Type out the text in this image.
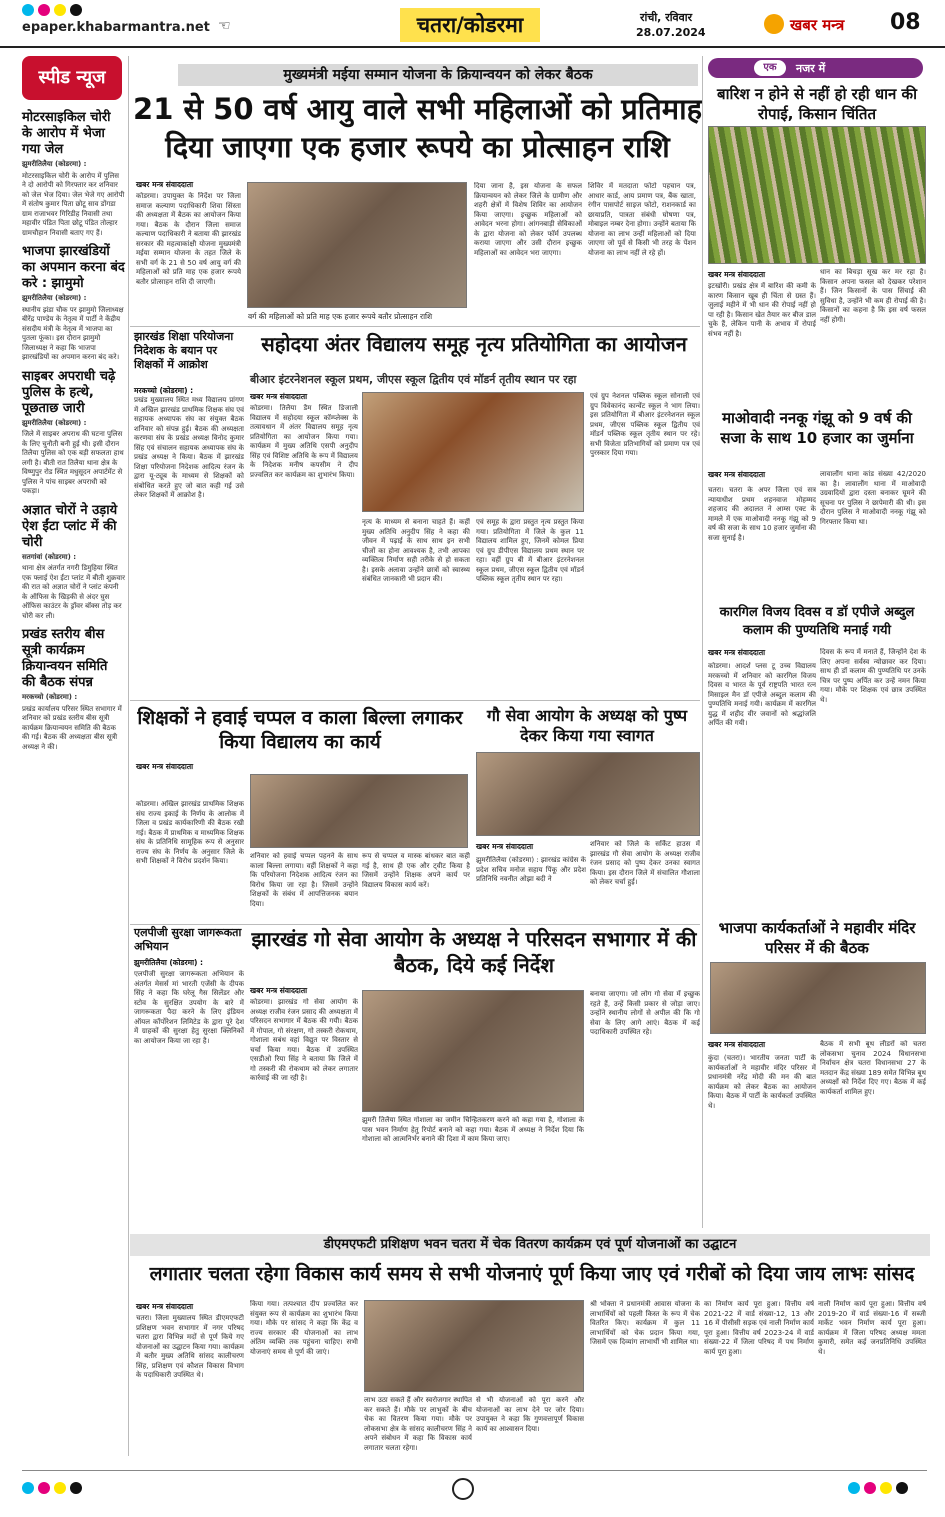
epaper.khabarmantra.net ☜	चतरा/कोडरमा	रांची, रविवार
28.07.2024	खबर मन्त्र 08
स्पीड न्यूज
मोटरसाइकिल चोरी के आरोप में भेजा गया जेल
झुमरीतिलैया (कोडरमा) :
मोटरसाइकिल चोरी के आरोप में पुलिस ने दो आरोपी को गिरफ्तार कर शनिवार को जेल भेज दिया। जेल भेजे गए आरोपी में संतोष कुमार पिता छोटू साव डोंगडा ग्राम राजाभवर गिरिडीह निवासी तथा महावीर पंडित पिता छोटू पंडित तोल्हार ग्रामचौहान निवासी बताए गए हैं।
भाजपा झारखंडियों का अपमान करना बंद करे : झामुमो
झुमरीतिलैया (कोडरमा) :
स्थानीय झंडा चौक पर झामुमो जिलाध्यक्ष बीरेंद्र पाण्डेय के नेतृत्व में पार्टी ने केंद्रीय संसदीय मंत्री के नेतृत्व में भाजपा का पुतला फूंका। इस दौरान झामुमो जिलाध्यक्ष ने कहा कि भाजपा झारखंडियों का अपमान करना बंद करे।
साइबर अपराधी चढ़े पुलिस के हत्थे, पूछताछ जारी
झुमरीतिलैया (कोडरमा) :
जिले में साइबर अपराध की घटना पुलिस के लिए चुनौती बनी हुई थी। इसी दौरान तिलैया पुलिस को एक बड़ी सफलता हाथ लगी है। बीती रात तिलैया थाना क्षेत्र के विष्णुपुर रोड स्थित मधुसूदन अपार्टमेंट से पुलिस ने पांच साइबर अपराधी को पकड़ा।
अज्ञात चोरों ने उड़ाये ऐश ईंटा प्लांट में की चोरी
सतगांवां (कोडरमा) :
थाना क्षेत्र अंतर्गत नगरी डिमुहिया स्थित एक फ्लाई ऐश ईंटा प्लांट में बीती शुक्रवार की रात को अज्ञात चोरों ने प्लांट कंपनी के ऑफिस के खिड़की से अंदर घुस ऑफिस काउंटर के ड्रॉवर बॉक्स तोड़ कर चोरी कर ली।
प्रखंड स्तरीय बीस सूत्री कार्यक्रम क्रियान्वयन समिति की बैठक संपन्न
मरकच्चो (कोडरमा) :
प्रखंड कार्यालय परिसर स्थित सभागार में शनिवार को प्रखंड स्तरीय बीस सूत्री कार्यक्रम क्रियान्वयन समिति की बैठक की गई। बैठक की अध्यक्षता बीस सूत्री अध्यक्ष ने की।
मुख्यमंत्री मईया सम्मान योजना के क्रियान्वयन को लेकर बैठक
21 से 50 वर्ष आयु वाले सभी महिलाओं को प्रतिमाह दिया जाएगा एक हजार रूपये का प्रोत्साहन राशि
खबर मन्त्र संवाददाता
कोडरमा। उपायुक्त के निर्देश पर जिला समाज कल्याण पदाधिकारी शिवा सिंस्ता की अध्यक्षता में बैठक का आयोजन किया गया। बैठक के दौरान जिला समाज कल्याण पदाधिकारी ने बताया की झारखंड सरकार की महत्वाकांक्षी योजना मुख्यमंत्री मईया सम्मान योजना के तहत जिले के सभी वर्ग के 21 से 50 वर्ष आयु वर्ग की महिलाओं को प्रति माह एक हजार रूपये बतौर प्रोत्साहन राशि दी जाएगी।
वर्ग की महिलाओं को प्रति माह एक हजार रूपये बतौर प्रोत्साहन राशि
दिया जाना है, इस योजना के सफल क्रियान्वयन को लेकर जिले के ग्रामीण और शहरी क्षेत्रों में विशेष शिविर का आयोजन किया जाएगा। इच्छुक महिलाओं को आवेदन भरना होगा। आंगनबाड़ी सेविकाओं के द्वारा योजना को लेकर फॉर्म उपलब्ध कराया जाएगा और उसी दौरान इच्छुक महिलाओं का आवेदन भरा जाएगा।
शिविर में मतदाता फोटो पहचान पत्र, आधार कार्ड, आय प्रमाण पत्र, बैंक खाता, रंगीन पासपोर्ट साइज फोटो, राशनकार्ड का छायाप्रति, पात्रता संबंधी घोषणा पत्र, मोबाइल नम्बर देना होगा। उन्होंने बताया कि योजना का लाभ उन्हीं महिलाओं को दिया जाएगा जो पूर्व से किसी भी तरह के पेंशन योजना का लाभ नहीं ले रहे हों।
झारखंड शिक्षा परियोजना निदेशक के बयान पर शिक्षकों में आक्रोश
मरकच्चो (कोडरमा) :
प्रखंड मुख्यालय स्थित मध्य विद्यालय प्रांगण में अखिल झारखंड प्राथमिक शिक्षक संघ एवं सहायक अध्यापक संघ का संयुक्त बैठक शनिवार को संपन्न हुई। बैठक की अध्यक्षता करणवा संघ के प्रखंड अध्यक्ष विनोद कुमार सिंह एवं संचालन सहायक अध्यापक संघ के प्रखंड अध्यक्ष ने किया। बैठक में झारखंड शिक्षा परियोजना निदेशक आदित्य रंजन के द्वारा यू-ट्यूब के माध्यम से शिक्षकों को संबोधित करते हुए जो बात कही गई उसे लेकर शिक्षकों में आक्रोश है।
सहोदया अंतर विद्यालय समूह नृत्य प्रतियोगिता का आयोजन
बीआर इंटरनेशनल स्कूल प्रथम, जीएस स्कूल द्वितीय एवं मॉडर्न तृतीय स्थान पर रहा
खबर मन्त्र संवाददाता
कोडरमा। तिलैया डैम स्थित डिजाली विद्यालय में सहोदया स्कूल कॉम्प्लेक्स के तत्वावधान में अंतर विद्यालय समूह नृत्य प्रतियोगिता का आयोजन किया गया। कार्यक्रम में मुख्य अतिथि एसपी अनुदीप सिंह एवं विशिष्ट अतिथि के रूप में विद्यालय के निदेशक मनीष कपसीम ने दीप प्रज्वलित कर कार्यक्रम का शुभारंभ किया।
नृत्य के माध्यम से बनाना चाहते हैं। कहीं मुख्य अतिथि अनुदीप सिंह ने कहा की जीवन में पढ़ाई के साथ साथ इन सभी चीजों का होना आवश्यक है, तभी आपका व्यक्तित्व निर्माण सही तरीके से हो सकता है। इसके अलावा उन्होंने छात्रों को स्वास्थ्य संबंधित जानकारी भी प्रदान की।
एवं समूह के द्वारा प्रस्तुत नृत्य प्रस्तुत किया गया। प्रतियोगिता में जिले के कुल 11 विद्यालय शामिल हुए, जिनमें कोमल प्रिया एवं ग्रुप डीपीएस विद्यालय प्रथम स्थान पर रहा। वहीं ग्रुप बी में बीआर इंटरनेशनल स्कूल प्रथम, जीएस स्कूल द्वितीय एवं मॉडर्न पब्लिक स्कूल तृतीय स्थान पर रहा।
एवं ग्रुप नेशनल पब्लिक स्कूल सोनाली एवं ग्रुप विवेकानंद कान्वेंट स्कूल ने भाग लिया। इस प्रतियोगिता में बीआर इंटरनेशनल स्कूल प्रथम, जीएस पब्लिक स्कूल द्वितीय एवं मॉडर्न पब्लिक स्कूल तृतीय स्थान पर रहे। सभी विजेता प्रतिभागियों को प्रमाण पत्र एवं पुरस्कार दिया गया।
शिक्षकों ने हवाई चप्पल व काला बिल्ला लगाकर किया विद्यालय का कार्य
खबर मन्त्र संवाददाता
कोडरमा। अखिल झारखंड प्राथमिक शिक्षक संघ राज्य इकाई के निर्णय के आलोक में जिला व प्रखंड कार्यकारिणी की बैठक रखी गई। बैठक में प्राथमिक व माध्यमिक शिक्षक संघ के प्रतिनिधि सामूहिक रूप से अनुसार राज्य संघ के निर्णय के अनुसार जिले के सभी शिक्षकों ने विरोध प्रदर्शन किया।
शनिवार को हवाई चप्पल पहनने के साथ काला बिल्ला लगाया। वहीं शिक्षकों ने कहा कि परियोजना निदेशक आदित्य रंजन का विरोध किया जा रहा है। जिसमें उन्होंने शिक्षकों के संबंध में आपत्तिजनक बयान दिया।
रूप से चप्पल व मास्क बांधकर बात कही गई है, साथ ही एक और ट्वीट किया है जिसमें उन्होंने शिक्षक अपने कार्य पर विद्यालय विकास कार्य करें।
गौ सेवा आयोग के अध्यक्ष को पुष्प देकर किया गया स्वागत
खबर मन्त्र संवाददाता
झुमरीतिलैया (कोडरमा) : झारखंड कांग्रेस के प्रदेश सचिव मनोज सहाय पिंकू और प्रदेश प्रतिनिधि नवनीत ओझा बदी ने
शनिवार को जिले के सर्किट हाउस में झारखंड गौ सेवा आयोग के अध्यक्ष राजीव रंजन प्रसाद को पुष्प देकर उनका स्वागत किया। इस दौरान जिले में संचालित गौशाला को लेकर चर्चा हुई।
एलपीजी सुरक्षा जागरूकता अभियान
झुमरीतिलैया (कोडरमा) :
एलपीजी सुरक्षा जागरूकता अभियान के अंतर्गत मेसर्स मां भारती एजेंसी के दीपक सिंह ने कहा कि घरेलू गैस सिलेंडर और स्टोव के सुरक्षित उपयोग के बारे में जागरूकता पैदा करने के लिए इंडियन ऑयल कॉर्पोरेशन लिमिटेड के द्वारा पूरे देश में ग्राहकों की सुरक्षा हेतु सुरक्षा क्लिनिकों का आयोजन किया जा रहा है।
झारखंड गो सेवा आयोग के अध्यक्ष ने परिसदन सभागार में की बैठक, दिये कई निर्देश
खबर मन्त्र संवाददाता
कोडरमा। झारखंड गो सेवा आयोग के अध्यक्ष राजीव रंजन प्रसाद की अध्यक्षता में परिसदन सभागार में बैठक की गयी। बैठक में गोपाल, गो संरक्षण, गो तस्करी रोकथाम, गोशाला सबंध वहां विद्युत पर विस्तार से चर्चा किया गया। बैठक में उपस्थित एसडीओ रिया सिंह ने बताया कि जिले में गो तस्करी की रोकथाम को लेकर लगातार कार्रवाई की जा रही है।
झुमरी तिलैया स्थित गोशाला का जमीन चिन्हितकरण करने को कहा गया है, गोशाला के पास भवन निर्माण हेतु रिपोर्ट बनाने को कहा गया। बैठक में अध्यक्ष ने निर्देश दिया कि गोशाला को आत्मनिर्भर बनाने की दिशा में काम किया जाए।
बनाया जाएगा। जो लोग गो सेवा में इच्छुक रहते हैं, उन्हें किसी प्रकार से जोड़ा जाए। उन्होंने स्थानीय लोगों से अपील की कि गो सेवा के लिए आगे आएं। बैठक में कई पदाधिकारी उपस्थित रहे।
डीएमएफटी प्रशिक्षण भवन चतरा में चेक वितरण कार्यक्रम एवं पूर्ण योजनाओं का उद्घाटन
लगातार चलता रहेगा विकास कार्य समय से सभी योजनाएं पूर्ण किया जाए एवं गरीबों को दिया जाय लाभः सांसद
खबर मन्त्र संवाददाता
चतरा। जिला मुख्यालय स्थित डीएमएफटी प्रशिक्षण भवन सभागार में नगर परिषद चतरा द्वारा विभिन्न मदों से पूर्ण किये गए योजनाओं का उद्घाटन किया गया। कार्यक्रम में बतौर मुख्य अतिथि सांसद कालीचरण सिंह, प्रशिक्षण एवं कौशल विकास विभाग के पदाधिकारी उपस्थित थे।
किया गया। तत्पश्चात दीप प्रज्वलित कर संयुक्त रूप से कार्यक्रम का शुभारंभ किया गया। मौके पर सांसद ने कहा कि केंद्र व राज्य सरकार की योजनाओं का लाभ अंतिम व्यक्ति तक पहुंचना चाहिए। सभी योजनाएं समय से पूर्ण की जाएं।
लाभ उठा सकते हैं और स्वरोजगार स्थापित कर सकते हैं। मौके पर लाभुकों के बीच चेक का वितरण किया गया। मौके पर लोकसभा क्षेत्र के सांसद कालीचरण सिंह ने अपने संबोधन में कहा कि विकास कार्य लगातार चलता रहेगा।
से भी योजनाओं को पूरा करने और योजनाओं का लाभ देने पर जोर दिया। उपायुक्त ने कहा कि गुणवत्तापूर्ण विकास कार्य का आश्वासन दिया।
श्री भोक्ता ने प्रधानमंत्री आवास योजना के लाभार्थियों को पहली किस्त के रूप में चेक वितरित किए। कार्यक्रम में कुल 11 लाभार्थियों को चेक प्रदान किया गया, जिसमें एक दिव्यांग लाभार्थी भी शामिल था।
का निर्माण कार्य पूरा हुआ। वित्तीय वर्ष 2021-22 में वार्ड संख्या-12, 13 और 16 में पीसीसी सड़क एवं नाली निर्माण कार्य पूरा हुआ। वित्तीय वर्ष 2023-24 में वार्ड संख्या-22 में जिला परिषद में पथ निर्माण कार्य पूरा हुआ।
नाली निर्माण कार्य पूरा हुआ। वित्तीय वर्ष 2019-20 में वार्ड संख्या-16 में सब्जी मार्केट भवन निर्माण कार्य पूरा हुआ। कार्यक्रम में जिला परिषद अध्यक्ष ममता कुमारी, समेत कई जनप्रतिनिधि उपस्थित थे।
एक	नजर में
बारिश न होने से नहीं हो रही धान की रोपाई, किसान चिंतित
खबर मन्त्र संवाददाता
इटखोरी। प्रखंड क्षेत्र में बारिश की कमी के कारण किसान खूब ही चिंता से ग्रस्त हैं। जुलाई महीने में भी धान की रोपाई नहीं हो पा रही है। किसान खेत तैयार कर बीज डाल चुके हैं, लेकिन पानी के अभाव में रोपाई संभव नहीं है।
धान का बिचड़ा सूख कर मर रहा है। किसान अपना फसल को देखकर परेशान हैं। जिन किसानों के पास सिंचाई की सुविधा है, उन्होंने भी कम ही रोपाई की है। किसानों का कहना है कि इस वर्ष फसल नहीं होगी।
माओवादी ननकू गंझू को 9 वर्ष की सजा के साथ 10 हजार का जुर्माना
खबर मन्त्र संवाददाता
चतरा। चतरा के अपर जिला एवं सत्र न्यायाधीश प्रथम शहनवाज मोहम्मद शहजाद की अदालत ने आम्स एक्ट के मामले में एक माओवादी ननकू गंझू को 9 वर्ष की सजा के साथ 10 हजार जुर्माना की सजा सुनाई है।
लावालौंग थाना कांड संख्या 42/2020 का है। लावालौंग थाना में माओवादी उग्रवादियों द्वारा दस्ता बनाकर घूमने की सूचना पर पुलिस ने छापेमारी की थी। इस दौरान पुलिस ने माओवादी ननकू गंझू को गिरफ्तार किया था।
कारगिल विजय दिवस व डॉ एपीजे अब्दुल कलाम की पुण्यतिथि मनाई गयी
खबर मन्त्र संवाददाता
कोडरमा। आदर्श प्लस टू उच्च विद्यालय मरकच्चो में शनिवार को कारगिल विजय दिवस व भारत के पूर्व राष्ट्रपति भारत रत्न मिसाइल मैन डॉ एपीजे अब्दुल कलाम की पुण्यतिथि मनाई गयी। कार्यक्रम में कारगिल युद्ध में शहीद वीर जवानों को श्रद्धांजलि अर्पित की गयी।
दिवस के रूप में मनाते हैं, जिन्होंने देश के लिए अपना सर्वस्व न्योछावर कर दिया। साथ ही डॉ कलाम की पुण्यतिथि पर उनके चित्र पर पुष्प अर्पित कर उन्हें नमन किया गया। मौके पर शिक्षक एवं छात्र उपस्थित थे।
भाजपा कार्यकर्ताओं ने महावीर मंदिर परिसर में की बैठक
खबर मन्त्र संवाददाता
कुंदा (चतरा)। भारतीय जनता पार्टी के कार्यकर्ताओं ने महावीर मंदिर परिसर में प्रधानमंत्री नरेंद्र मोदी की मन की बात कार्यक्रम को लेकर बैठक का आयोजन किया। बैठक में पार्टी के कार्यकर्ता उपस्थित थे।
बैठक में सभी बूथ लीडरों को चतरा लोकसभा चुनाव 2024 विधानसभा निर्वाचन क्षेत्र चतरा विधानसभा 27 के मतदान केंद्र संख्या 189 समेत विभिन्न बूथ अध्यक्षों को निर्देश दिए गए। बैठक में कई कार्यकर्ता शामिल हुए।
